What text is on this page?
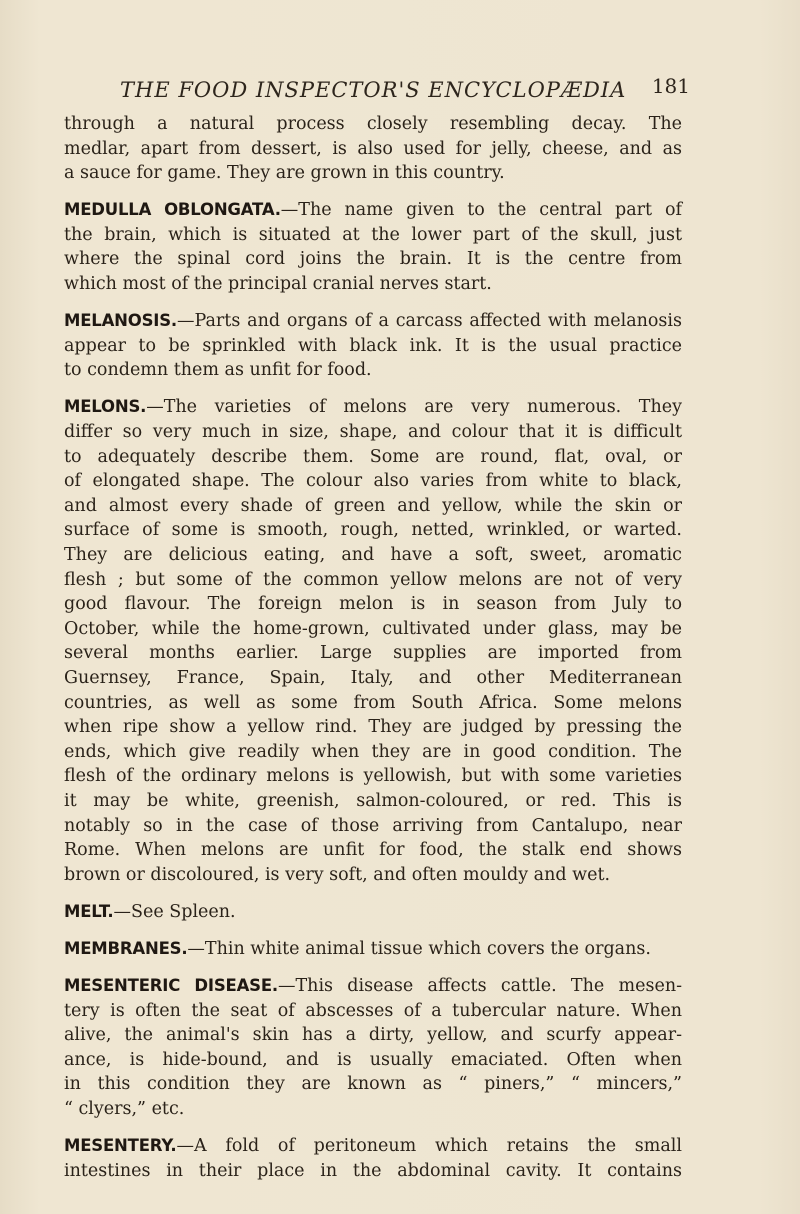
THE FOOD INSPECTOR'S ENCYCLOPÆDIA 181
through a natural process closely resembling decay. The
medlar, apart from dessert, is also used for jelly, cheese, and as
a sauce for game. They are grown in this country.
MEDULLA OBLONGATA.—The name given to the central part of
the brain, which is situated at the lower part of the skull, just
where the spinal cord joins the brain. It is the centre from
which most of the principal cranial nerves start.
MELANOSIS.—Parts and organs of a carcass affected with melanosis
appear to be sprinkled with black ink. It is the usual practice
to condemn them as unfit for food.
MELONS.—The varieties of melons are very numerous. They
differ so very much in size, shape, and colour that it is difficult
to adequately describe them. Some are round, flat, oval, or
of elongated shape. The colour also varies from white to black,
and almost every shade of green and yellow, while the skin or
surface of some is smooth, rough, netted, wrinkled, or warted.
They are delicious eating, and have a soft, sweet, aromatic
flesh ; but some of the common yellow melons are not of very
good flavour. The foreign melon is in season from July to
October, while the home-grown, cultivated under glass, may be
several months earlier. Large supplies are imported from
Guernsey, France, Spain, Italy, and other Mediterranean
countries, as well as some from South Africa. Some melons
when ripe show a yellow rind. They are judged by pressing the
ends, which give readily when they are in good condition. The
flesh of the ordinary melons is yellowish, but with some varieties
it may be white, greenish, salmon-coloured, or red. This is
notably so in the case of those arriving from Cantalupo, near
Rome. When melons are unfit for food, the stalk end shows
brown or discoloured, is very soft, and often mouldy and wet.
MELT.—See Spleen.
MEMBRANES.—Thin white animal tissue which covers the organs.
MESENTERIC DISEASE.—This disease affects cattle. The mesen-
tery is often the seat of abscesses of a tubercular nature. When
alive, the animal's skin has a dirty, yellow, and scurfy appear-
ance, is hide-bound, and is usually emaciated. Often when
in this condition they are known as “ piners,” “ mincers,”
“ clyers,” etc.
MESENTERY.—A fold of peritoneum which retains the small
intestines in their place in the abdominal cavity. It contains
